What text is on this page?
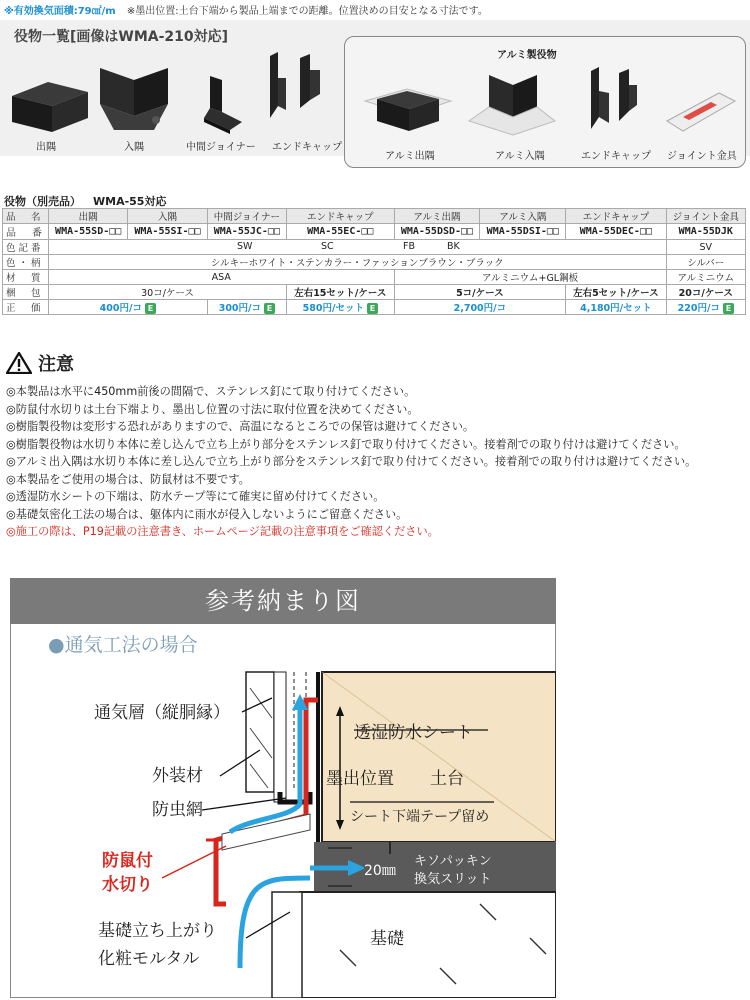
※有効換気面積:79㎠/m ※墨出位置:土台下端から製品上端までの距離。位置決めの目安となる寸法です。
役物一覧[画像はWMA-210対応]
出隅	入隅	中間ジョイナー エンドキャップ
アルミ製役物
アルミ出隅	アルミ入隅	エンドキャップ ジョイント金具
役物（別売品） WMA-55対応
品　名	出隅	入隅	中間ジョイナー	エンドキャップ	アルミ出隅	アルミ入隅	エンドキャップ	ジョイント金具
品　番	WMA-55SD-□□	WMA-55SI-□□	WMA-55JC-□□	WMA-55EC-□□	WMA-55DSD-□□	WMA-55DSI-□□	WMA-55DEC-□□	WMA-55DJK
色記番	SW SC FB BK							SV
色・柄	シルキーホワイト・ステンカラー・ファッションブラウン・ブラック							シルバー
材　質	ASA				アルミニウム+GL鋼板			アルミニウム
梱　包	30コ/ケース			左右15セット/ケース	5コ/ケース		左右5セット/ケース	20コ/ケース
正　価	400円/コ E		300円/コ E	580円/セット E	2,700円/コ		4,180円/セット	220円/コ E
注意
◎本製品は水平に450mm前後の間隔で、ステンレス釘にて取り付けてください。
◎防鼠付水切りは土台下端より、墨出し位置の寸法に取付位置を決めてください。
◎樹脂製役物は変形する恐れがありますので、高温になるところでの保管は避けてください。
◎樹脂製役物は水切り本体に差し込んで立ち上がり部分をステンレス釘で取り付けてください。接着剤での取り付けは避けてください。
◎アルミ出入隅は水切り本体に差し込んで立ち上がり部分をステンレス釘で取り付けてください。接着剤での取り付けは避けてください。
◎本製品をご使用の場合は、防鼠材は不要です。
◎透湿防水シートの下端は、防水テープ等にて確実に留め付けてください。
◎基礎気密化工法の場合は、躯体内に雨水が侵入しないようにご留意ください。
◎施工の際は、P19記載の注意書き、ホームページ記載の注意事項をご確認ください。
参考納まり図
●通気工法の場合
通気層（縦胴縁）
外装材
防虫網
防鼠付
水切り
基礎立ち上がり
化粧モルタル
透湿防水シート
墨出位置 土台
シート下端テープ留め
20㎜
キソパッキン
換気スリット
基礎
